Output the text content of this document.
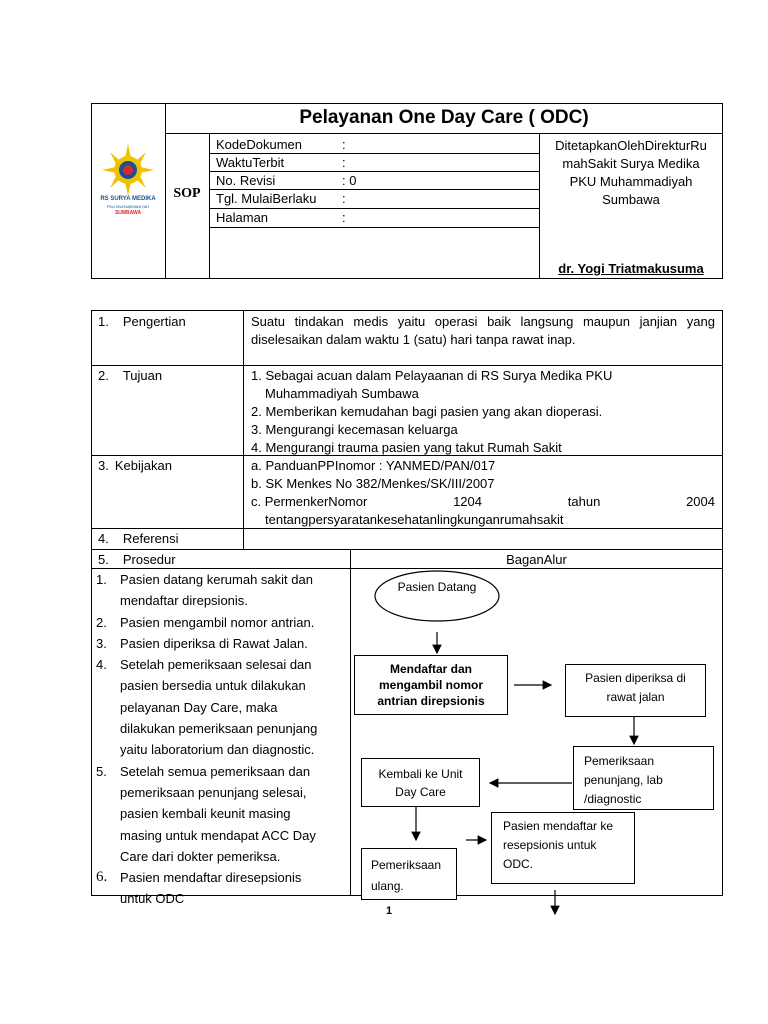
RS SURYA MEDIKA
PKU MUHAMMADIYAH
SUMBAWA
Pelayanan One Day Care ( ODC)
SOP
KodeDokumen	:
WaktuTerbit	:
No. Revisi	: 0
Tgl. MulaiBerlaku :
Halaman	:
DitetapkanOlehDirekturRu
mahSakit Surya Medika
PKU Muhammadiyah
Sumbawa
dr. Yogi Triatmakusuma
1. Pengertian	Suatu tindakan medis yaitu operasi baik langsung maupun janjian yang
diselesaikan dalam waktu 1 (satu) hari tanpa rawat inap.
2. Tujuan	1. Sebagai acuan dalam Pelayaanan di RS Surya Medika PKU
Muhammadiyah Sumbawa
2. Memberikan kemudahan bagi pasien yang akan dioperasi.
3. Mengurangi kecemasan keluarga
4. Mengurangi trauma pasien yang takut Rumah Sakit
3. Kebijakan	a. PanduanPPInomor : YANMED/PAN/017
b. SK Menkes No 382/Menkes/SK/III/2007
c. PermenkerNomor	1204	tahun	2004
tentangpersyaratankesehatanlingkunganrumahsakit
4. Referensi
5. Prosedur	BaganAlur
1.	Pasien datang kerumah sakit dan
mendaftar direpsionis.
2.	Pasien mengambil nomor antrian.
3.	Pasien diperiksa di Rawat Jalan.
4.	Setelah pemeriksaan selesai dan
pasien bersedia untuk dilakukan
pelayanan Day Care, maka
dilakukan pemeriksaan penunjang
yaitu laboratorium dan diagnostic.
5.	Setelah semua pemeriksaan dan
pemeriksaan penunjang selesai,
pasien kembali keunit masing
masing untuk mendapat ACC Day
Care dari dokter pemeriksa.
6. Pasien mendaftar diresepsionis
untuk ODC
Pasien Datang
Mendaftar dan
mengambil nomor
antrian direpsionis
Pasien diperiksa di
rawat jalan
Pemeriksaan
penunjang, lab
/diagnostic
Kembali ke Unit
Day Care
Pasien mendaftar ke
resepsionis untuk
ODC.
Pemeriksaan
ulang.
1
